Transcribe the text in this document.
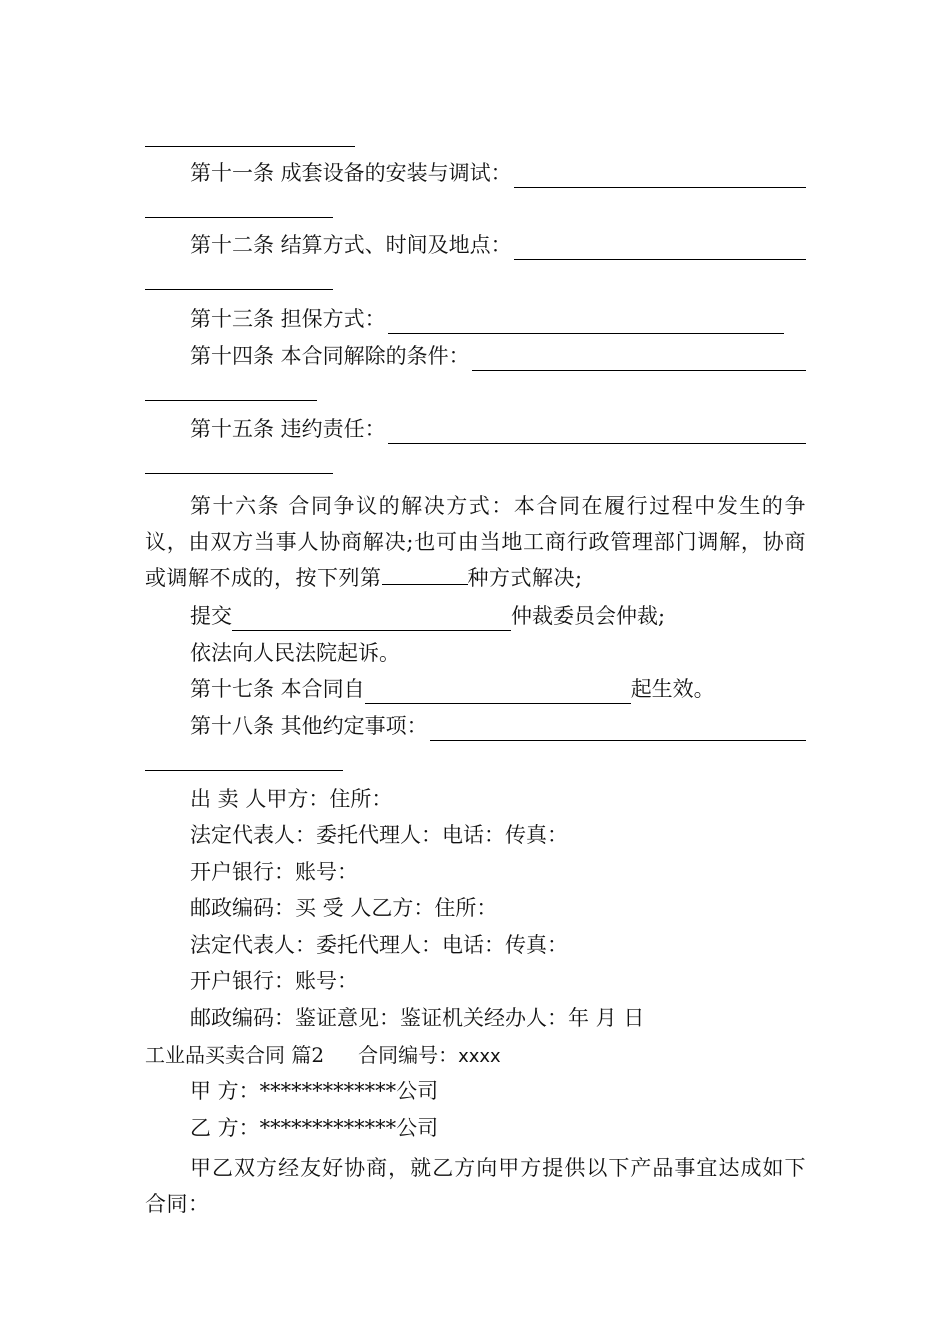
第十一条 成套设备的安装与调试：
第十二条 结算方式、时间及地点：
第十三条 担保方式：
第十四条 本合同解除的条件：
第十五条 违约责任：
第十六条 合同争议的解决方式：本合同在履行过程中发生的争议，由双方当事人协商解决;也可由当地工商行政管理部门调解，协商或调解不成的，按下列第	种方式解决;
提交	仲裁委员会仲裁;
依法向人民法院起诉。
第十七条 本合同自	起生效。
第十八条 其他约定事项：
出 卖 人甲方：住所：
法定代表人：委托代理人：电话：传真：
开户银行：账号：
邮政编码：买 受 人乙方：住所：
法定代表人：委托代理人：电话：传真：
开户银行：账号：
邮政编码：鉴证意见：鉴证机关经办人：年 月 日
工业品买卖合同 篇2 合同编号：xxxx
甲 方：*************公司
乙 方：*************公司
甲乙双方经友好协商，就乙方向甲方提供以下产品事宜达成如下合同：
